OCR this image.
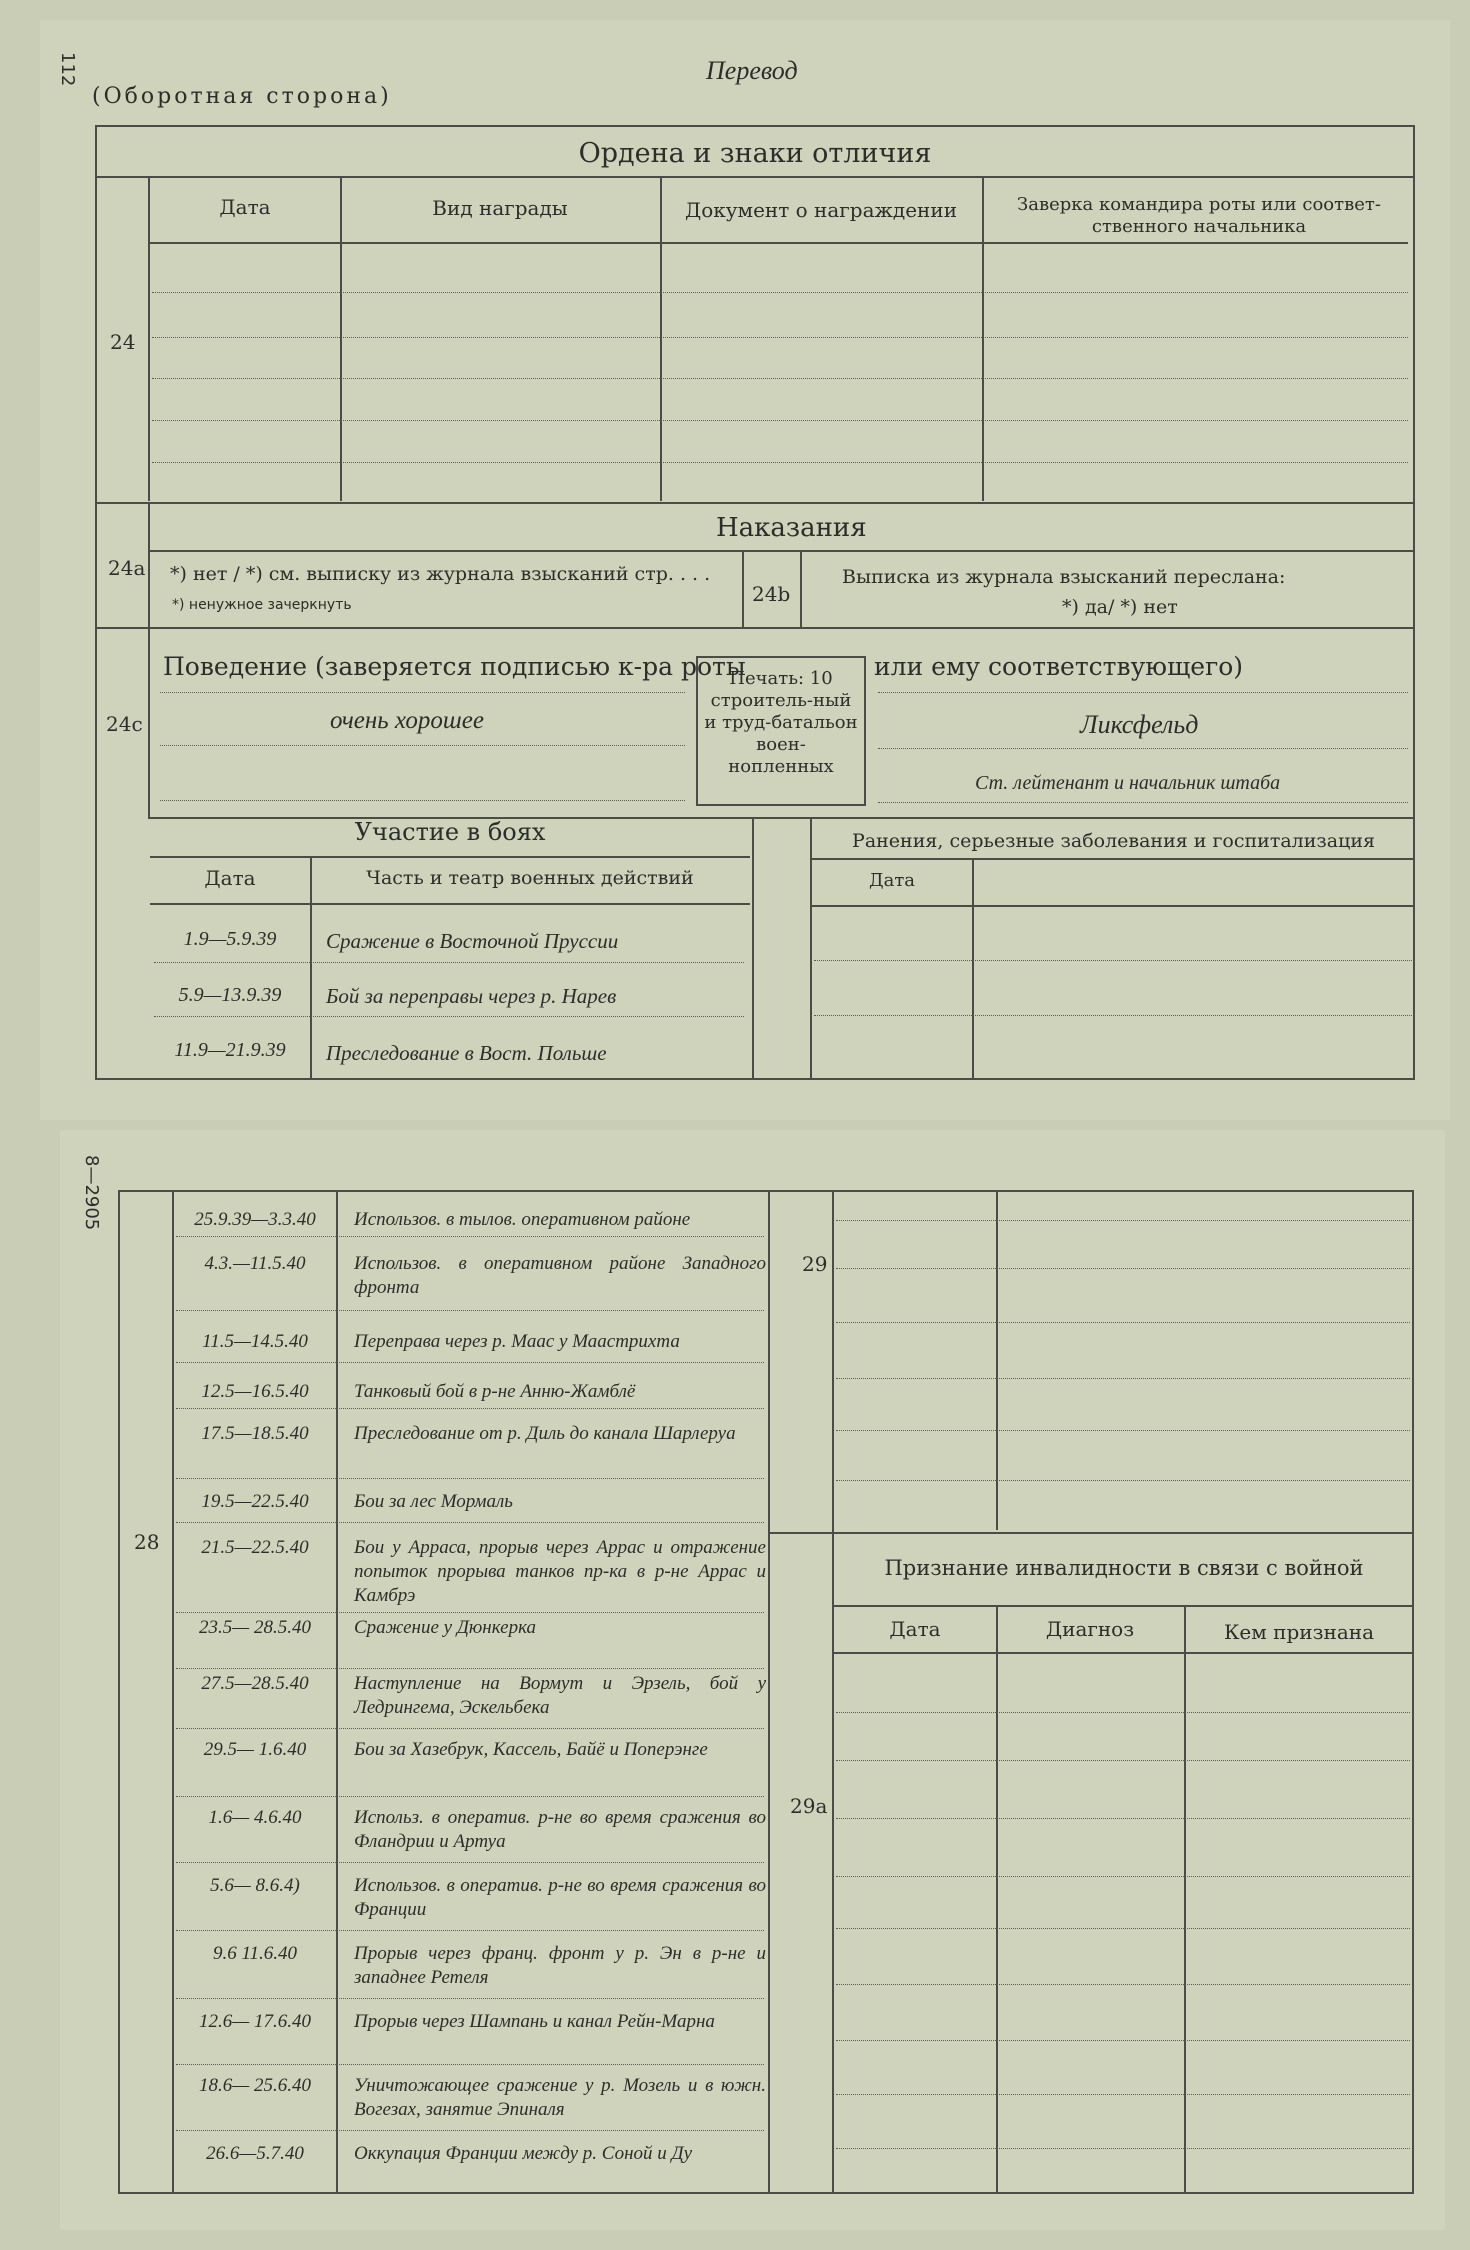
112
(Оборотная сторона)
Перевод
Ордена и знаки отличия
24
Дата	Вид награды	Документ о награждении	Заверка командира роты или соответ-ственного начальника
Наказания
24a *) нет / *) см. выписку из журнала взысканий стр. . . .
*) ненужное зачеркнуть	24b
Выписка из журнала взысканий переслана:
*) да/ *) нет
24c
Поведение (заверяется подписью к-ра роты
очень хорошее
Печать: 10 строитель-ный и труд-батальон воен-нопленных
или ему соответствующего)
Ликсфельд
Ст. лейтенант и начальник штаба
Участие в боях
Дата	Часть и театр военных действий
1.9—5.9.39	Сражение в Восточной Пруссии
5.9—13.9.39	Бой за переправы через р. Нарев
11.9—21.9.39	Преследование в Вост. Польше
Ранения, серьезные заболевания и госпитализация
Дата
8—2905
28
25.9.39—3.3.40	Использов. в тылов. оперативном районе
4.3.—11.5.40	Использов. в оперативном районе Западного фронта
11.5—14.5.40	Переправа через р. Маас у Маастрихта
12.5—16.5.40	Танковый бой в р-не Анню-Жамблё
17.5—18.5.40	Преследование от р. Диль до канала Шарлеруа
19.5—22.5.40	Бои за лес Мормаль
21.5—22.5.40	Бои у Арраса, прорыв через Аррас и отражение попыток прорыва танков пр-ка в р-не Аррас и Камбрэ
23.5— 28.5.40	Сражение у Дюнкерка
27.5—28.5.40	Наступление на Вормут и Эрзель, бой у Ледрингема, Эскельбека
29.5— 1.6.40	Бои за Хазебрук, Кассель, Байё и Поперэнге
1.6— 4.6.40	Использ. в оператив. р-не во время сражения во Фландрии и Артуа
5.6— 8.6.4)	Использов. в оператив. р-не во время сражения во Франции
9.6 11.6.40	Прорыв через франц. фронт у р. Эн в р-не и западнее Ретеля
12.6— 17.6.40	Прорыв через Шампань и канал Рейн-Марна
18.6— 25.6.40	Уничтожающее сражение у р. Мозель и в южн. Вогезах, занятие Эпиналя
26.6—5.7.40	Оккупация Франции между р. Соной и Ду
29
Признание инвалидности в связи с войной
Дата	Диагноз	Кем признана
29a
